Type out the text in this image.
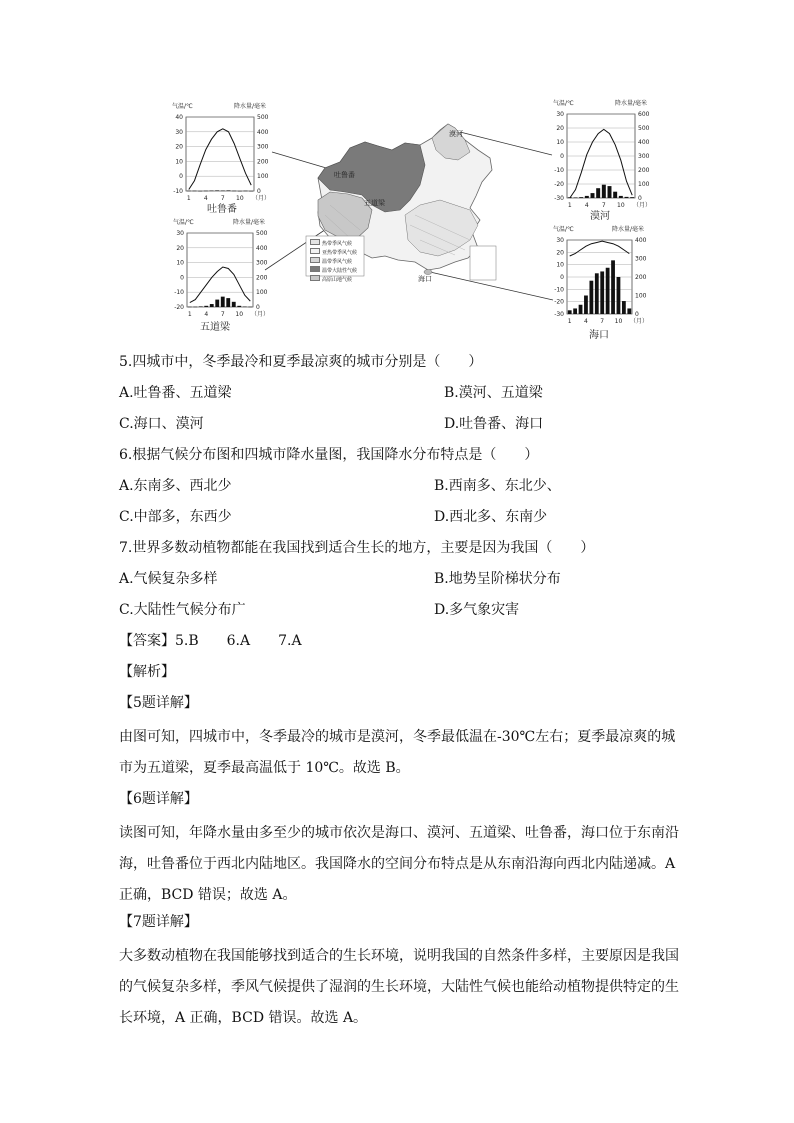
气温/℃	降水量/毫米
40
30
20
10
0
-10
500
400
300
200
100
0
1 4 7 10 （月）
吐鲁番
气温/℃	降水量/毫米
30
20
10
0
-10
-20
-30
600
500
400
300
200
100
0
1 4 7 10 （月）
漠河
气温/℃	降水量/毫米
30
20
10
0
-10
-20
500
400
300
200
100
0
1 4 7 10 （月）
五道梁
气温/℃	降水量/毫米
30
20
10
0
-10
-20
-30
400
300
200
100
0
1 4 7 10 （月）
海口
吐鲁番
五道梁
漠河
海口
热带季风气候
亚热带季风气候
温带季风气候
温带大陆性气候
高原山地气候
5.四城市中，冬季最冷和夏季最凉爽的城市分别是（　　）
A.吐鲁番、五道梁	B.漠河、五道梁
C.海口、漠河	D.吐鲁番、海口
6.根据气候分布图和四城市降水量图，我国降水分布特点是（　　）
A.东南多、西北少	B.西南多、东北少、
C.中部多，东西少	D.西北多、东南少
7.世界多数动植物都能在我国找到适合生长的地方，主要是因为我国（　　）
A.气候复杂多样	B.地势呈阶梯状分布
C.大陆性气候分布广	D.多气象灾害
【答案】5.B　　6.A　　7.A
【解析】
【5题详解】
由图可知，四城市中，冬季最冷的城市是漠河，冬季最低温在-30℃左右；夏季最凉爽的城
市为五道梁，夏季最高温低于 10℃。故选 B。
【6题详解】
读图可知，年降水量由多至少的城市依次是海口、漠河、五道梁、吐鲁番，海口位于东南沿
海，吐鲁番位于西北内陆地区。我国降水的空间分布特点是从东南沿海向西北内陆递减。A
正确，BCD 错误；故选 A。
【7题详解】
大多数动植物在我国能够找到适合的生长环境，说明我国的自然条件多样，主要原因是我国
的气候复杂多样，季风气候提供了湿润的生长环境，大陆性气候也能给动植物提供特定的生
长环境，A 正确，BCD 错误。故选 A。
